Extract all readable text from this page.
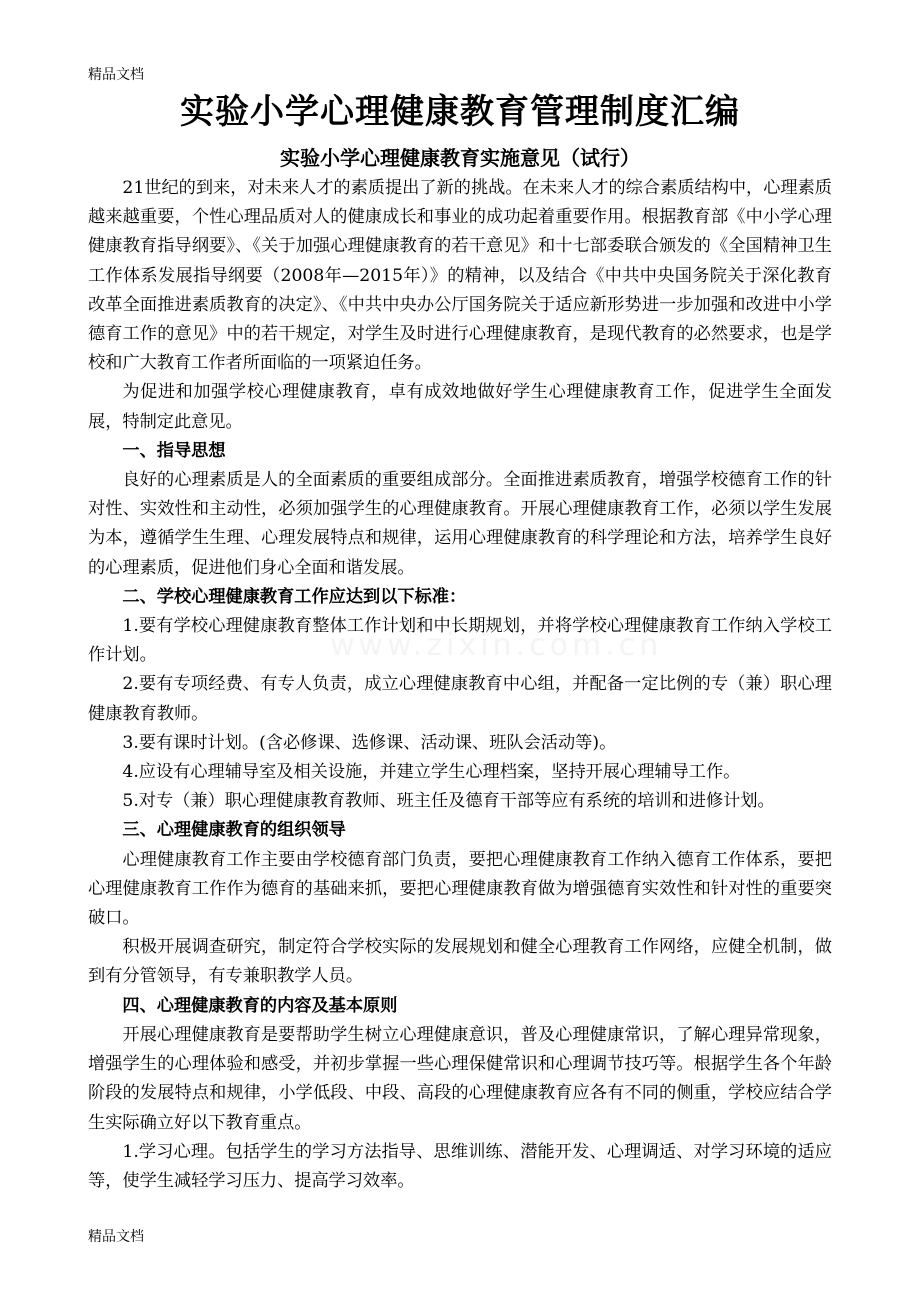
www.zixin.com.cn
精品文档
实验小学心理健康教育管理制度汇编
实验小学心理健康教育实施意见（试行）

21世纪的到来，对未来人才的素质提出了新的挑战。在未来人才的综合素质结构中，心理素质越来越重要，个性心理品质对人的健康成长和事业的成功起着重要作用。根据教育部《中小学心理健康教育指导纲要》、《关于加强心理健康教育的若干意见》和十七部委联合颁发的《全国精神卫生工作体系发展指导纲要（2008年—2015年）》的精神，以及结合《中共中央国务院关于深化教育改革全面推进素质教育的决定》、《中共中央办公厅国务院关于适应新形势进一步加强和改进中小学德育工作的意见》中的若干规定，对学生及时进行心理健康教育，是现代教育的必然要求，也是学校和广大教育工作者所面临的一项紧迫任务。

为促进和加强学校心理健康教育，卓有成效地做好学生心理健康教育工作，促进学生全面发展，特制定此意见。

一、指导思想

良好的心理素质是人的全面素质的重要组成部分。全面推进素质教育，增强学校德育工作的针对性、实效性和主动性，必须加强学生的心理健康教育。开展心理健康教育工作，必须以学生发展为本，遵循学生生理、心理发展特点和规律，运用心理健康教育的科学理论和方法，培养学生良好的心理素质，促进他们身心全面和谐发展。

二、学校心理健康教育工作应达到以下标准：

1.要有学校心理健康教育整体工作计划和中长期规划，并将学校心理健康教育工作纳入学校工作计划。

2.要有专项经费、有专人负责，成立心理健康教育中心组，并配备一定比例的专（兼）职心理健康教育教师。

3.要有课时计划。(含必修课、选修课、活动课、班队会活动等)。

4.应设有心理辅导室及相关设施，并建立学生心理档案，坚持开展心理辅导工作。

5.对专（兼）职心理健康教育教师、班主任及德育干部等应有系统的培训和进修计划。

三、心理健康教育的组织领导

心理健康教育工作主要由学校德育部门负责，要把心理健康教育工作纳入德育工作体系，要把心理健康教育工作作为德育的基础来抓，要把心理健康教育做为增强德育实效性和针对性的重要突破口。

积极开展调查研究，制定符合学校实际的发展规划和健全心理教育工作网络，应健全机制，做到有分管领导，有专兼职教学人员。

四、心理健康教育的内容及基本原则

开展心理健康教育是要帮助学生树立心理健康意识，普及心理健康常识，了解心理异常现象，增强学生的心理体验和感受，并初步掌握一些心理保健常识和心理调节技巧等。根据学生各个年龄阶段的发展特点和规律，小学低段、中段、高段的心理健康教育应各有不同的侧重，学校应结合学生实际确立好以下教育重点。

1.学习心理。包括学生的学习方法指导、思维训练、潜能开发、心理调适、对学习环境的适应等，使学生减轻学习压力、提高学习效率。

精品文档
